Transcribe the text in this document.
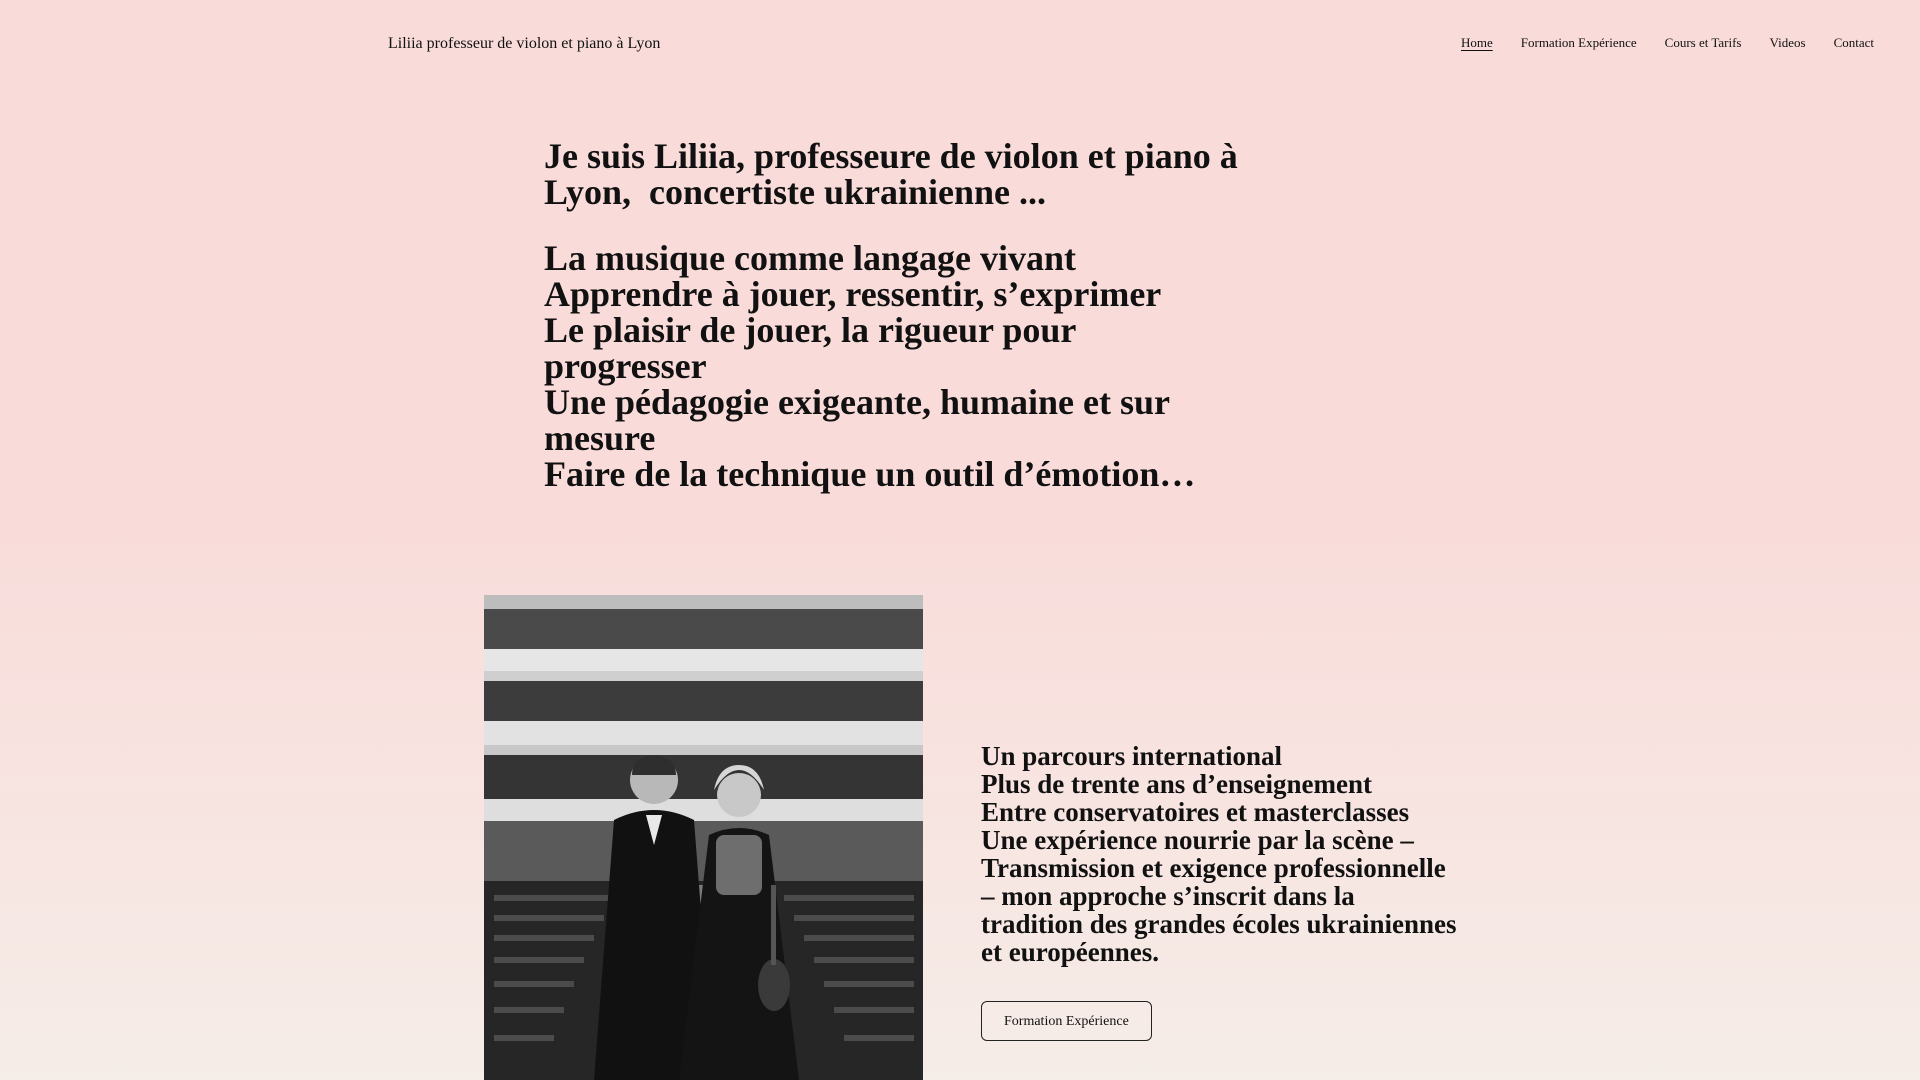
Liliia professeur de violon et piano à Lyon	Home Formation Expérience Cours et Tarifs Videos Contact

Je suis Liliia, professeure de violon et piano à Lyon,  concertiste ukrainienne ...

La musique comme langage vivant

Apprendre à jouer, ressentir, s’exprimer

Le plaisir de jouer, la rigueur pour progresser

Une pédagogie exigeante, humaine et sur mesure

Faire de la technique un outil d’émotion…

Un parcours international

Plus de trente ans d’enseignement

Entre conservatoires et masterclasses

Une expérience nourrie par la scène – Transmission et exigence professionnelle – mon approche s’inscrit dans la tradition des grandes écoles ukrainiennes et européennes.

Formation Expérience
